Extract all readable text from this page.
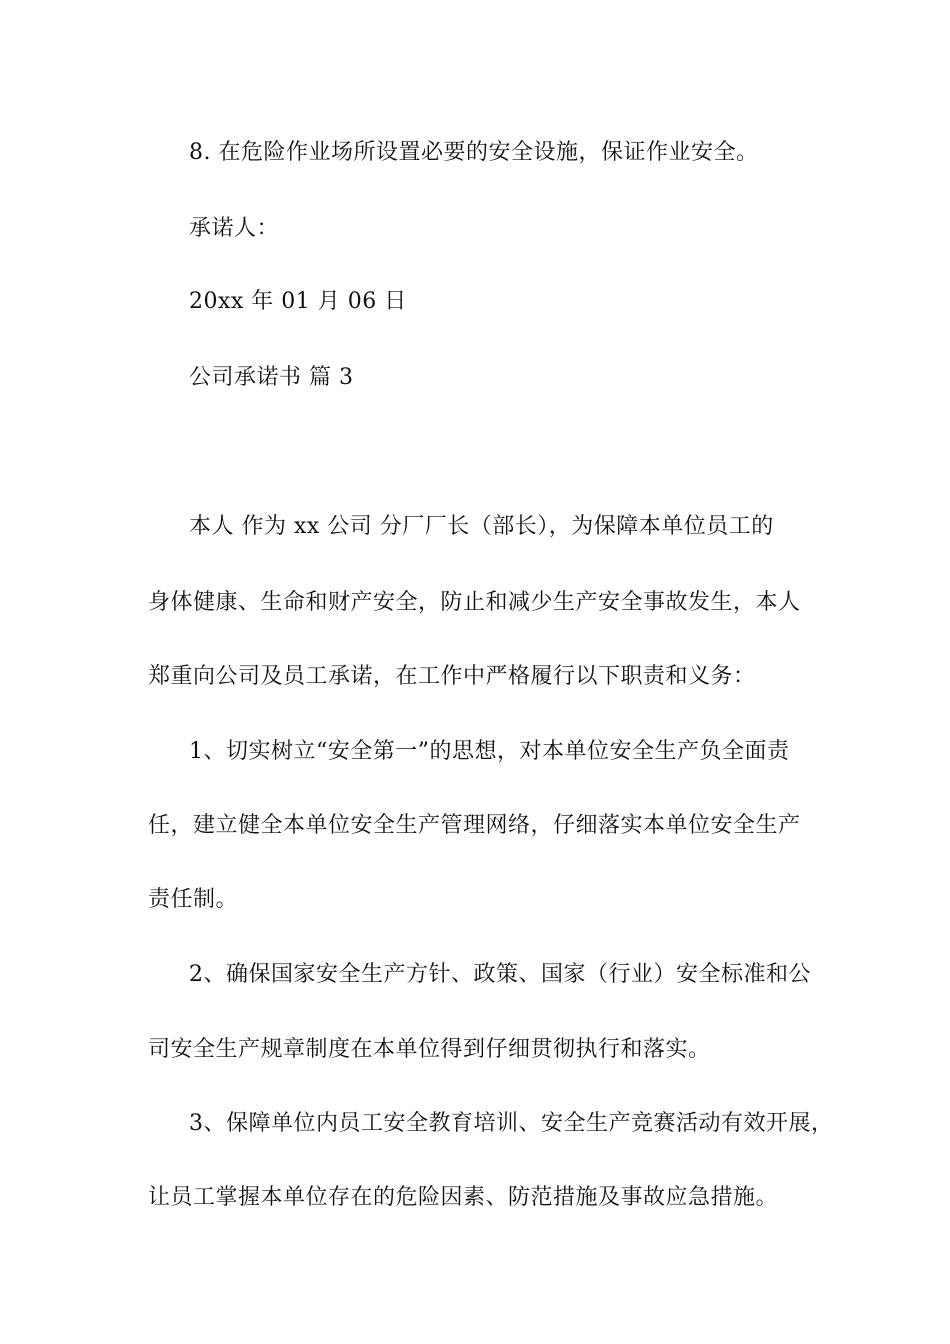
8. 在危险作业场所设置必要的安全设施，保证作业安全。
承诺人：
20xx 年 01 月 06 日
公司承诺书 篇 3
本人 作为 xx 公司 分厂厂长（部长），为保障本单位员工的
身体健康、生命和财产安全，防止和减少生产安全事故发生，本人
郑重向公司及员工承诺，在工作中严格履行以下职责和义务：
1、切实树立“安全第一”的思想，对本单位安全生产负全面责
任，建立健全本单位安全生产管理网络，仔细落实本单位安全生产
责任制。
2、确保国家安全生产方针、政策、国家（行业）安全标准和公
司安全生产规章制度在本单位得到仔细贯彻执行和落实。
3、保障单位内员工安全教育培训、安全生产竞赛活动有效开展，
让员工掌握本单位存在的危险因素、防范措施及事故应急措施。
